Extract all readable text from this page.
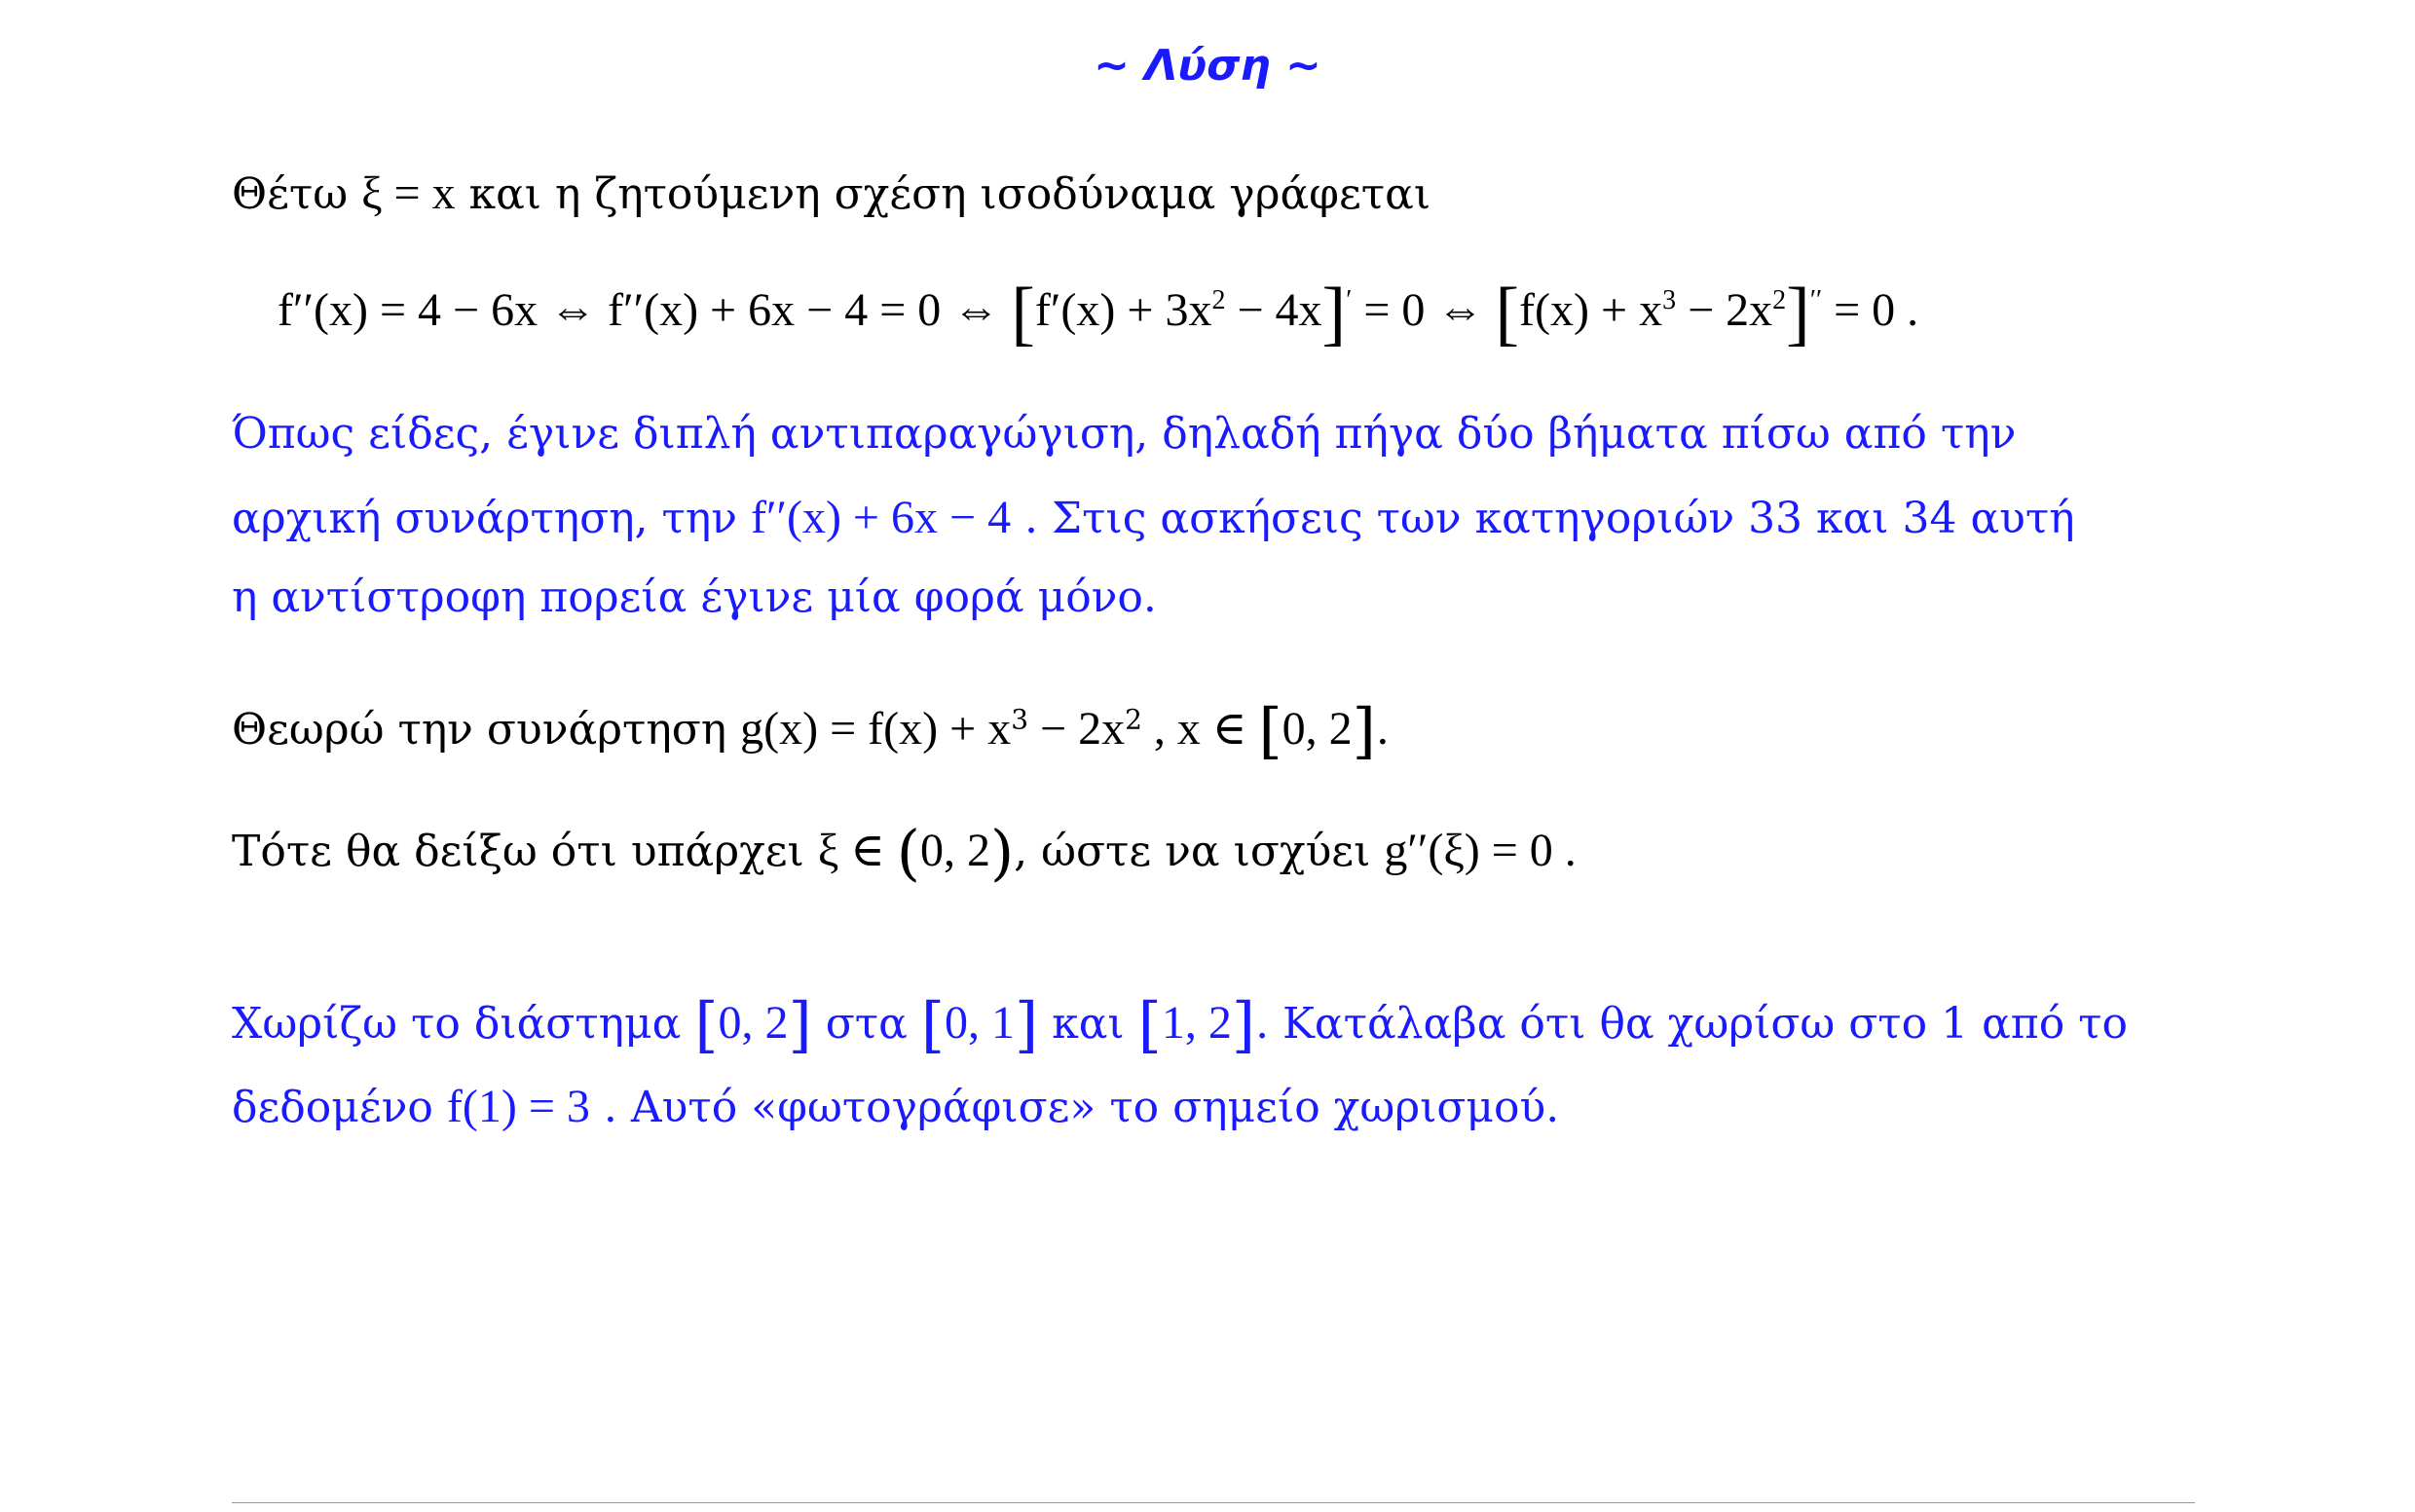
~ Λύση ~
Θέτω ξ = x και η ζητούμενη σχέση ισοδύναμα γράφεται
f′′(x) = 4 − 6x ⇔ f′′(x) + 6x − 4 = 0 ⇔ $[f'(x) + 3x^2 - 4x]' = 0$ ⇔ $[f(x) + x^3 - 2x^2]'' = 0$ .
Όπως είδες, έγινε διπλή αντιπαραγώγιση, δηλαδή πήγα δύο βήματα πίσω από την
αρχική συνάρτηση, την f′′(x) + 6x − 4 . Στις ασκήσεις των κατηγοριών 33 και 34 αυτή
η αντίστροφη πορεία έγινε μία φορά μόνο.
Θεωρώ την συνάρτηση $g(x) = f(x) + x^3 - 2x^2$ , x ∈ [0, 2].
Τότε θα δείξω ότι υπάρχει ξ ∈ (0, 2), ώστε να ισχύει g′′(ξ) = 0 .
Χωρίζω το διάστημα [0, 2] στα [0, 1] και [1, 2]. Κατάλαβα ότι θα χωρίσω στο 1 από το
δεδομένο f(1) = 3 . Αυτό «φωτογράφισε» το σημείο χωρισμού.
